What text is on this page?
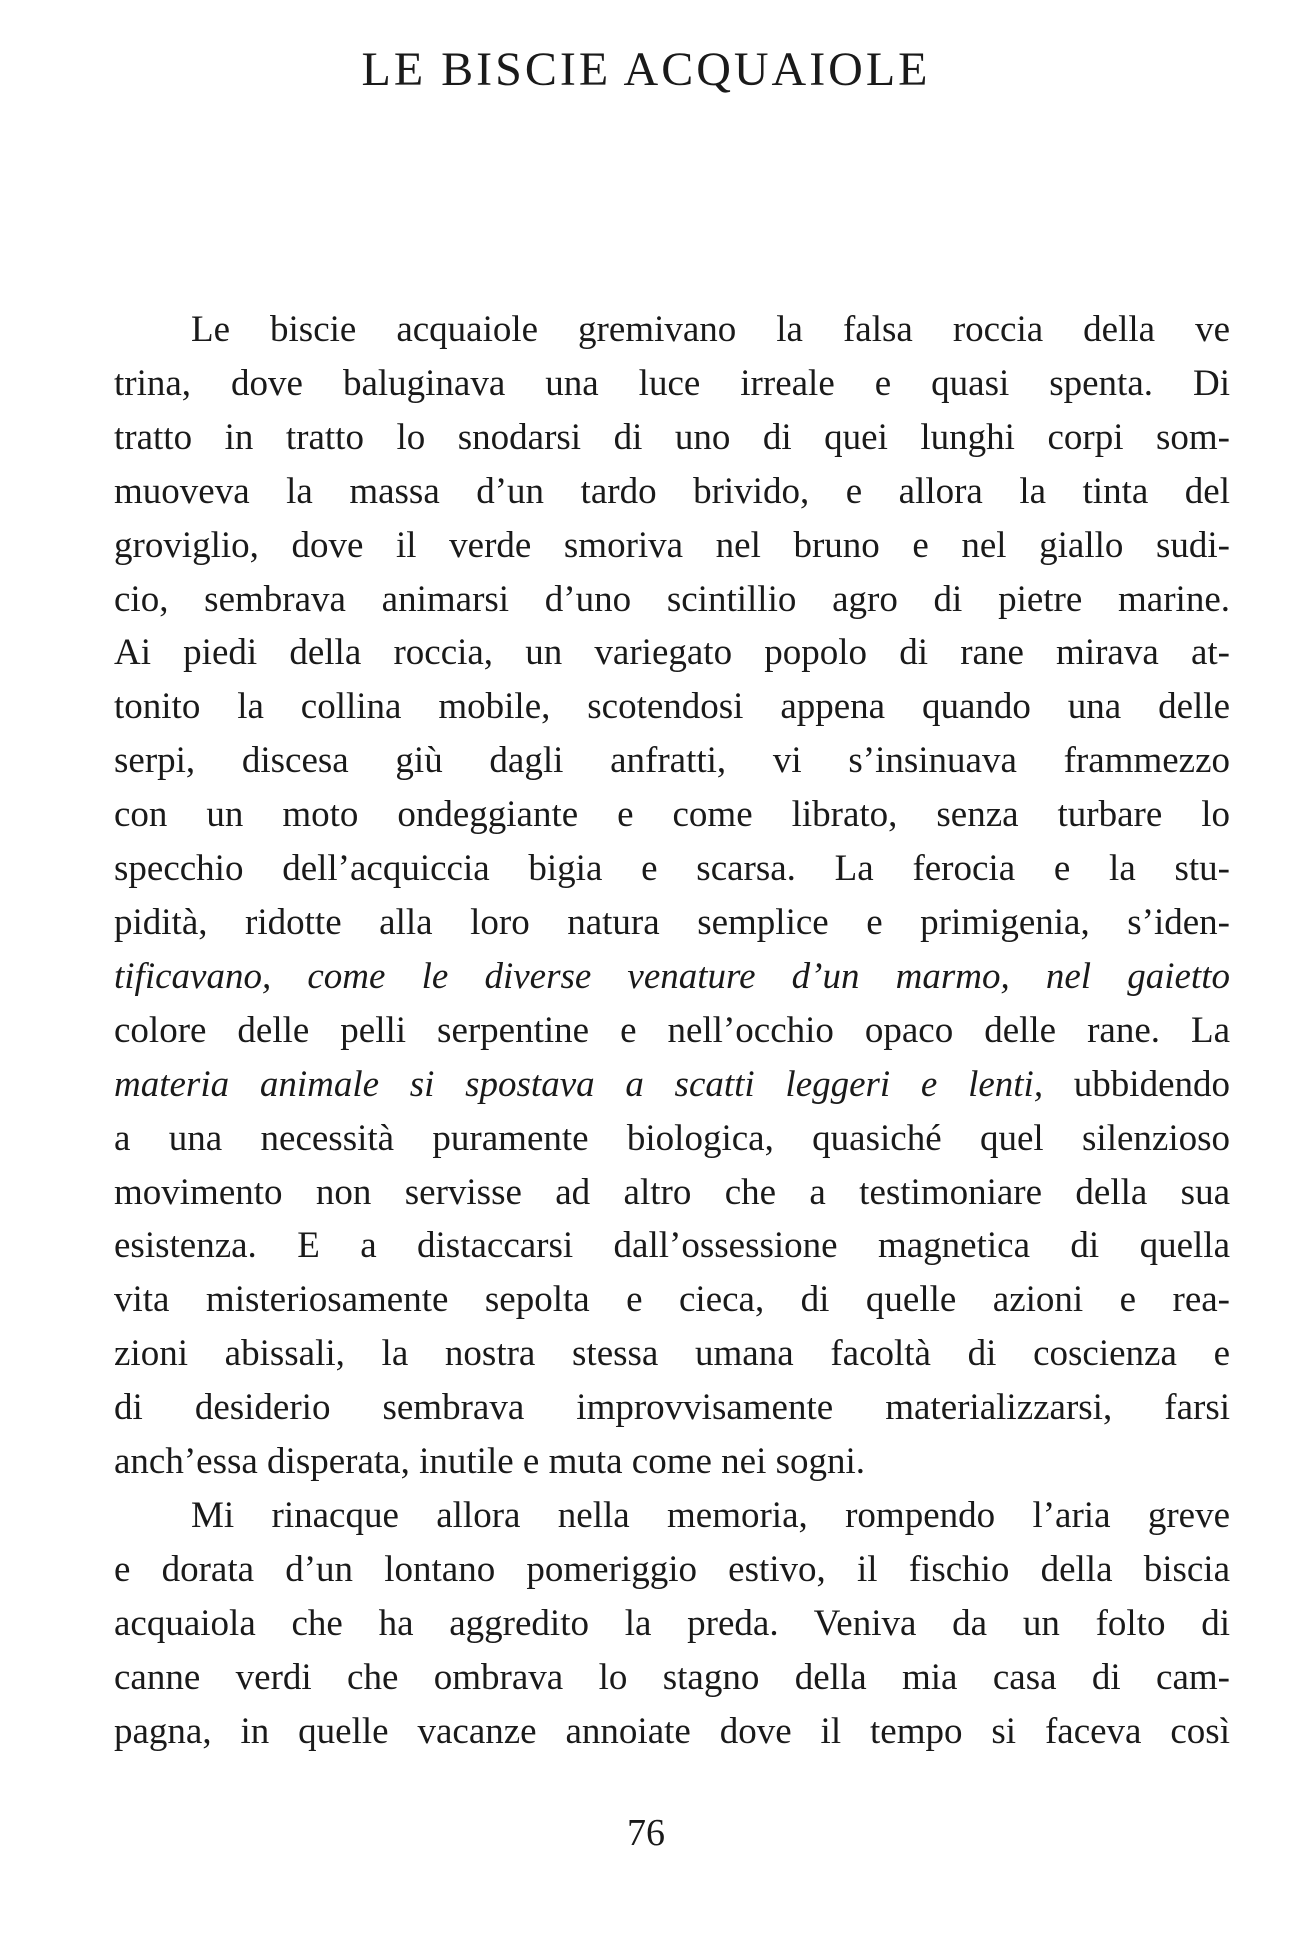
LE BISCIE ACQUAIOLE

Le biscie acquaiole gremivano la falsa roccia della ve
trina, dove baluginava una luce irreale e quasi spenta. Di
tratto in tratto lo snodarsi di uno di quei lunghi corpi som-
muoveva la massa d’un tardo brivido, e allora la tinta del
groviglio, dove il verde smoriva nel bruno e nel giallo sudi-
cio, sembrava animarsi d’uno scintillio agro di pietre marine.
Ai piedi della roccia, un variegato popolo di rane mirava at-
tonito la collina mobile, scotendosi appena quando una delle
serpi, discesa giù dagli anfratti, vi s’insinuava frammezzo
con un moto ondeggiante e come librato, senza turbare lo
specchio dell’acquiccia bigia e scarsa. La ferocia e la stu-
pidità, ridotte alla loro natura semplice e primigenia, s’iden-
tificavano, come le diverse venature d’un marmo, nel gaietto
colore delle pelli serpentine e nell’occhio opaco delle rane. La
materia animale si spostava a scatti leggeri e lenti, ubbidendo
a una necessità puramente biologica, quasiché quel silenzioso
movimento non servisse ad altro che a testimoniare della sua
esistenza. E a distaccarsi dall’ossessione magnetica di quella
vita misteriosamente sepolta e cieca, di quelle azioni e rea-
zioni abissali, la nostra stessa umana facoltà di coscienza e
di desiderio sembrava improvvisamente materializzarsi, farsi
anch’essa disperata, inutile e muta come nei sogni.

Mi rinacque allora nella memoria, rompendo l’aria greve
e dorata d’un lontano pomeriggio estivo, il fischio della biscia
acquaiola che ha aggredito la preda. Veniva da un folto di
canne verdi che ombrava lo stagno della mia casa di cam-
pagna, in quelle vacanze annoiate dove il tempo si faceva così

76
